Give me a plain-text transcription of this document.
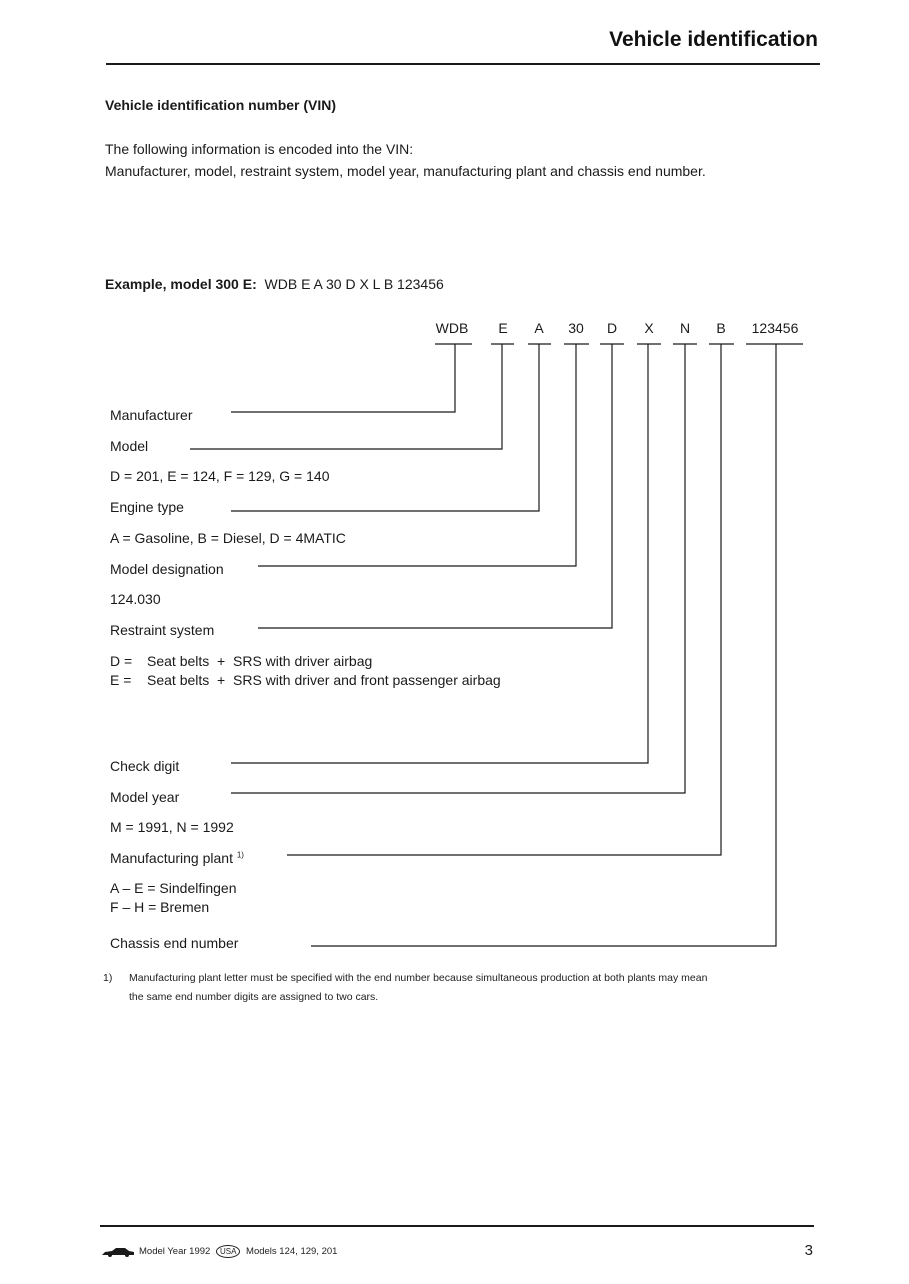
Vehicle identification
Vehicle identification number (VIN)
The following information is encoded into the VIN:
Manufacturer, model, restraint system, model year, manufacturing plant and chassis end number.
Example, model 300 E: WDB E A 30 D X L B 123456
WDB	E	A	30	D	X	N	B	123456
Manufacturer
Model
D = 201, E = 124, F = 129, G = 140
Engine type
A = Gasoline, B = Diesel, D = 4MATIC
Model designation
124.030
Restraint system
D = Seat belts  +  SRS with driver airbag
E = Seat belts  +  SRS with driver and front passenger airbag
Check digit
Model year
M = 1991, N = 1992
Manufacturing plant $^{1)}$
A – E = Sindelfingen
F – H = Bremen
Chassis end number
1) Manufacturing plant letter must be specified with the end number because simultaneous production at both plants may mean
the same end number digits are assigned to two cars.
Model Year 1992 USA Models 124, 129, 201	3
